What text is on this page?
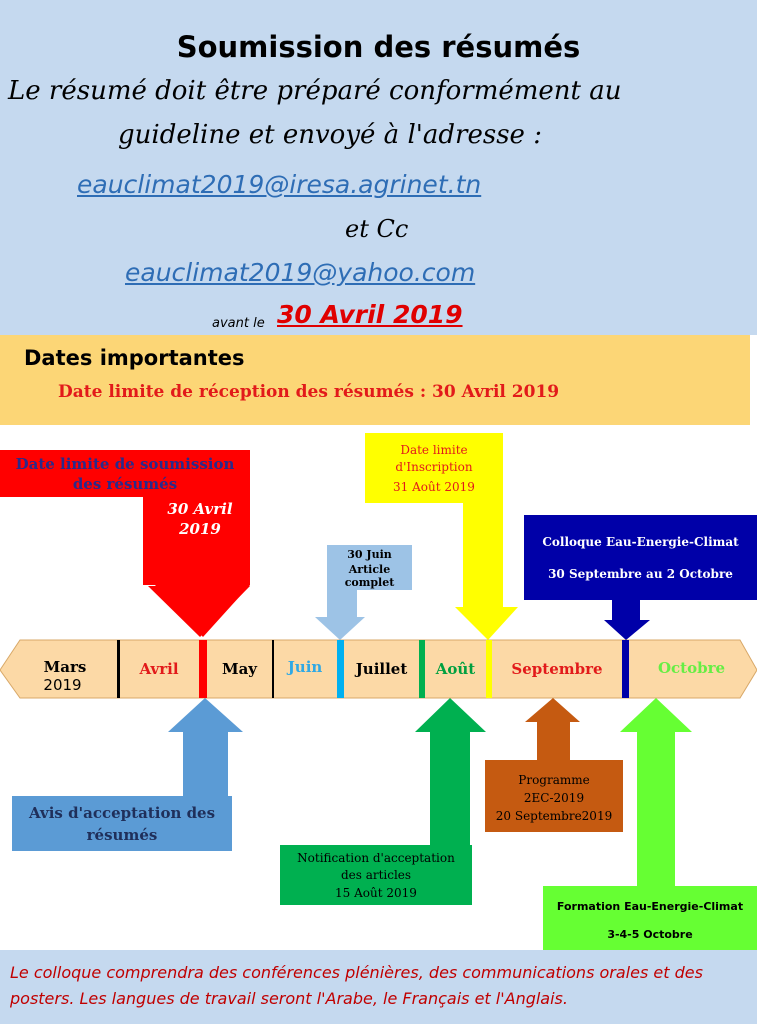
Soumission des résumés
Le résumé doit être préparé conformément au
guideline et envoyé à l'adresse :
eauclimat2019@iresa.agrinet.tn
et Cc
eauclimat2019@yahoo.com
avant le 30 Avril 2019
Dates importantes
Date limite de réception des résumés : 30 Avril 2019
Mars
2019
Avril	May	Juin	Juillet	Août	Septembre	Octobre
Date limite de soumission
des résumés
30 Avril
2019
30 Juin
Article complet
Date limite
d'Inscription
31 Août 2019
Colloque Eau-Energie-Climat
30 Septembre au 2 Octobre
Avis d'acceptation des
résumés
Notification d'acceptation
des articles
15 Août 2019
Programme
2EC-2019
20 Septembre2019
Formation Eau-Energie-Climat
3-4-5 Octobre
Le colloque comprendra des conférences plénières, des communications orales et des posters. Les langues de travail seront l'Arabe, le Français et l'Anglais.
